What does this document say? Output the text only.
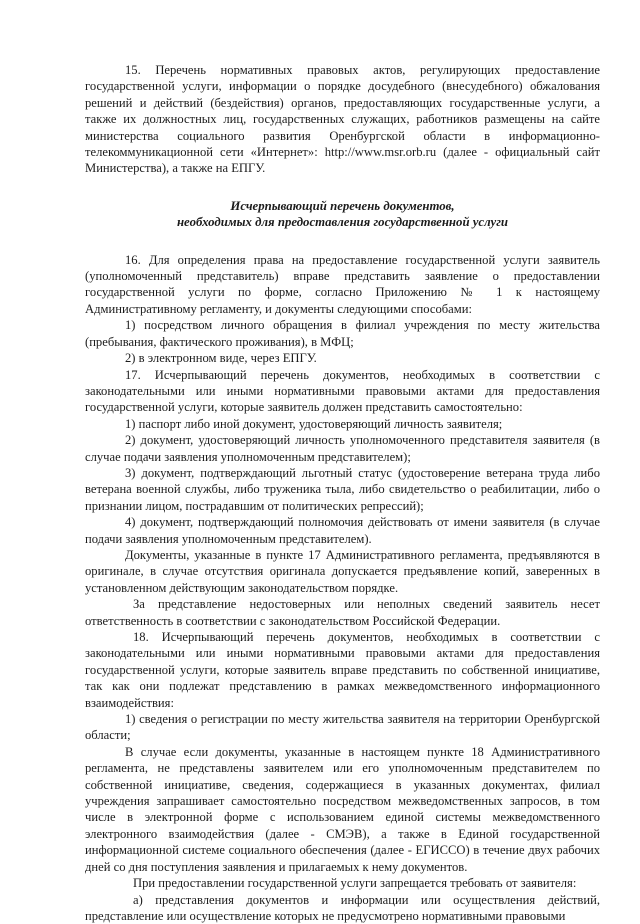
15. Перечень нормативных правовых актов, регулирующих предоставление государственной услуги, информации о порядке досудебного (внесудебного) обжалования решений и действий (бездействия) органов, предоставляющих государственные услуги, а также их должностных лиц, государственных служащих, работников размещены на сайте министерства социального развития Оренбургской области в информационно-телекоммуникационной сети «Интернет»: http://www.msr.orb.ru (далее - официальный сайт Министерства), а также на ЕПГУ.

Исчерпывающий перечень документов,
необходимых для предоставления государственной услуги

16. Для определения права на предоставление государственной услуги заявитель (уполномоченный представитель) вправе представить заявление о предоставлении государственной услуги по форме, согласно Приложению № 1 к настоящему Административному регламенту, и документы следующими способами:

1) посредством личного обращения в филиал учреждения по месту жительства (пребывания, фактического проживания), в МФЦ;

2) в электронном виде, через ЕПГУ.

17. Исчерпывающий перечень документов, необходимых в соответствии с законодательными или иными нормативными правовыми актами для предоставления государственной услуги, которые заявитель должен представить самостоятельно:

1) паспорт либо иной документ, удостоверяющий личность заявителя;

2) документ, удостоверяющий личность уполномоченного представителя заявителя (в случае подачи заявления уполномоченным представителем);

3) документ, подтверждающий льготный статус (удостоверение ветерана труда либо ветерана военной службы, либо труженика тыла, либо свидетельство о реабилитации, либо о признании лицом, пострадавшим от политических репрессий);

4) документ, подтверждающий полномочия действовать от имени заявителя (в случае подачи заявления уполномоченным представителем).

Документы, указанные в пункте 17 Административного регламента, предъявляются в оригинале, в случае отсутствия оригинала допускается предъявление копий, заверенных в установленном действующим законодательством порядке.

За представление недостоверных или неполных сведений заявитель несет ответственность в соответствии с законодательством Российской Федерации.

18. Исчерпывающий перечень документов, необходимых в соответствии с законодательными или иными нормативными правовыми актами для предоставления государственной услуги, которые заявитель вправе представить по собственной инициативе, так как они подлежат представлению в рамках межведомственного информационного взаимодействия:

1) сведения о регистрации по месту жительства заявителя на территории Оренбургской области;

В случае если документы, указанные в настоящем пункте 18 Административного регламента, не представлены заявителем или его уполномоченным представителем по собственной инициативе, сведения, содержащиеся в указанных документах, филиал учреждения запрашивает самостоятельно посредством межведомственных запросов, в том числе в электронной форме с использованием единой системы межведомственного электронного взаимодействия (далее - СМЭВ), а также в Единой государственной информационной системе социального обеспечения (далее - ЕГИССО) в течение двух рабочих дней со дня поступления заявления и прилагаемых к нему документов.

При предоставлении государственной услуги запрещается требовать от заявителя:

а) представления документов и информации или осуществления действий, представление или осуществление которых не предусмотрено нормативными правовыми
